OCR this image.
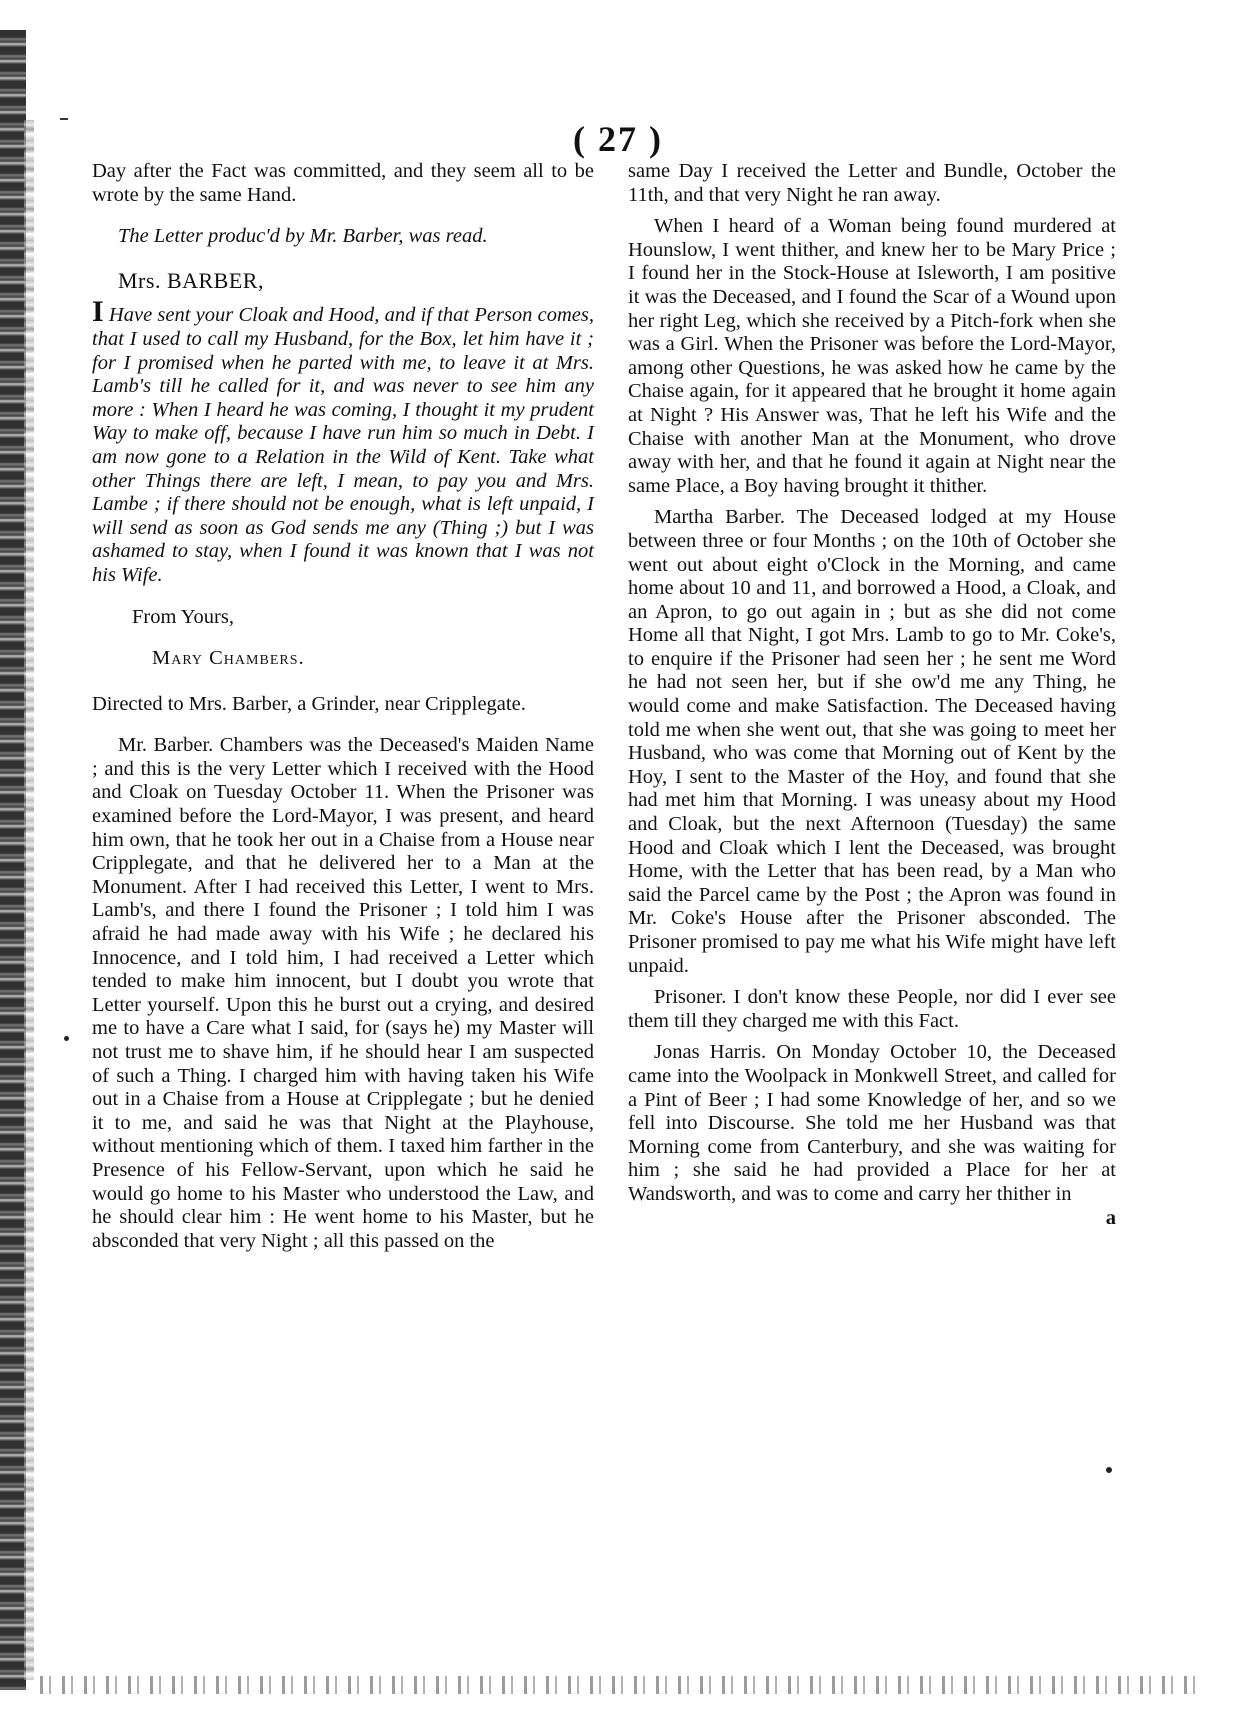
( 27 )

Day after the Fact was committed, and they seem all to be wrote by the same Hand.

The Letter produc'd by Mr. Barber, was read.

Mrs. BARBER,

I Have sent your Cloak and Hood, and if that Person comes, that I used to call my Husband, for the Box, let him have it ; for I promised when he parted with me, to leave it at Mrs. Lamb's till he called for it, and was never to see him any more : When I heard he was coming, I thought it my prudent Way to make off, because I have run him so much in Debt. I am now gone to a Relation in the Wild of Kent. Take what other Things there are left, I mean, to pay you and Mrs. Lambe ; if there should not be enough, what is left unpaid, I will send as soon as God sends me any (Thing ;) but I was ashamed to stay, when I found it was known that I was not his Wife.

From Yours,

Mary Chambers.

Directed to Mrs. Barber, a Grinder, near Cripplegate.

Mr. Barber. Chambers was the Deceased's Maiden Name ; and this is the very Letter which I received with the Hood and Cloak on Tuesday October 11. When the Prisoner was examined before the Lord-Mayor, I was present, and heard him own, that he took her out in a Chaise from a House near Cripplegate, and that he delivered her to a Man at the Monument. After I had received this Letter, I went to Mrs. Lamb's, and there I found the Prisoner ; I told him I was afraid he had made away with his Wife ; he declared his Innocence, and I told him, I had received a Letter which tended to make him innocent, but I doubt you wrote that Letter yourself. Upon this he burst out a crying, and desired me to have a Care what I said, for (says he) my Master will not trust me to shave him, if he should hear I am suspected of such a Thing. I charged him with having taken his Wife out in a Chaise from a House at Cripplegate ; but he denied it to me, and said he was that Night at the Playhouse, without mentioning which of them. I taxed him farther in the Presence of his Fellow-Servant, upon which he said he would go home to his Master who understood the Law, and he should clear him : He went home to his Master, but he absconded that very Night ; all this passed on the

same Day I received the Letter and Bundle, October the 11th, and that very Night he ran away.

When I heard of a Woman being found murdered at Hounslow, I went thither, and knew her to be Mary Price ; I found her in the Stock-House at Isleworth, I am positive it was the Deceased, and I found the Scar of a Wound upon her right Leg, which she received by a Pitch-fork when she was a Girl. When the Prisoner was before the Lord-Mayor, among other Questions, he was asked how he came by the Chaise again, for it appeared that he brought it home again at Night ? His Answer was, That he left his Wife and the Chaise with another Man at the Monument, who drove away with her, and that he found it again at Night near the same Place, a Boy having brought it thither.

Martha Barber. The Deceased lodged at my House between three or four Months ; on the 10th of October she went out about eight o'Clock in the Morning, and came home about 10 and 11, and borrowed a Hood, a Cloak, and an Apron, to go out again in ; but as she did not come Home all that Night, I got Mrs. Lamb to go to Mr. Coke's, to enquire if the Prisoner had seen her ; he sent me Word he had not seen her, but if she ow'd me any Thing, he would come and make Satisfaction. The Deceased having told me when she went out, that she was going to meet her Husband, who was come that Morning out of Kent by the Hoy, I sent to the Master of the Hoy, and found that she had met him that Morning. I was uneasy about my Hood and Cloak, but the next Afternoon (Tuesday) the same Hood and Cloak which I lent the Deceased, was brought Home, with the Letter that has been read, by a Man who said the Parcel came by the Post ; the Apron was found in Mr. Coke's House after the Prisoner absconded. The Prisoner promised to pay me what his Wife might have left unpaid.

Prisoner. I don't know these People, nor did I ever see them till they charged me with this Fact.

Jonas Harris. On Monday October 10, the Deceased came into the Woolpack in Monkwell Street, and called for a Pint of Beer ; I had some Knowledge of her, and so we fell into Discourse. She told me her Husband was that Morning come from Canterbury, and she was waiting for him ; she said he had provided a Place for her at Wandsworth, and was to come and carry her thither in

a
